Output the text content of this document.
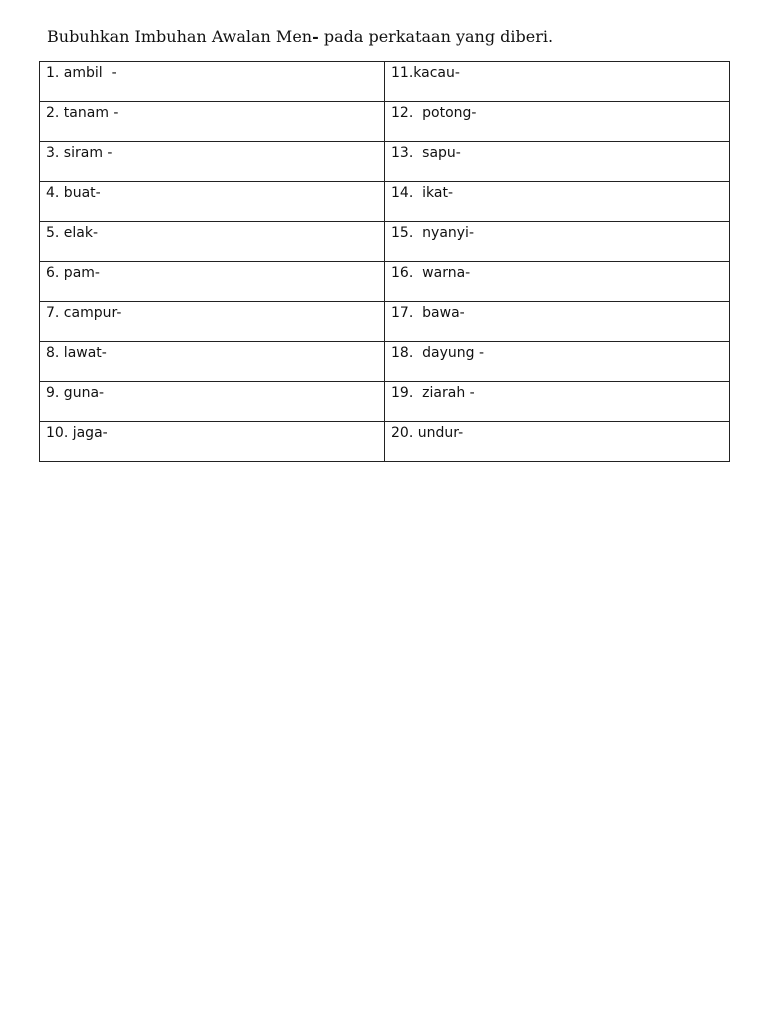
Bubuhkan Imbuhan Awalan Men- pada perkataan yang diberi.

1. ambil  -	11.kacau-

2. tanam -	12.  potong-

3. siram -	13.  sapu-

4. buat-	14.  ikat-

5. elak-	15.  nyanyi-

6. pam-	16.  warna-

7. campur-	17.  bawa-

8. lawat-	18.  dayung -

9. guna-	19.  ziarah -

10. jaga-	20. undur-
